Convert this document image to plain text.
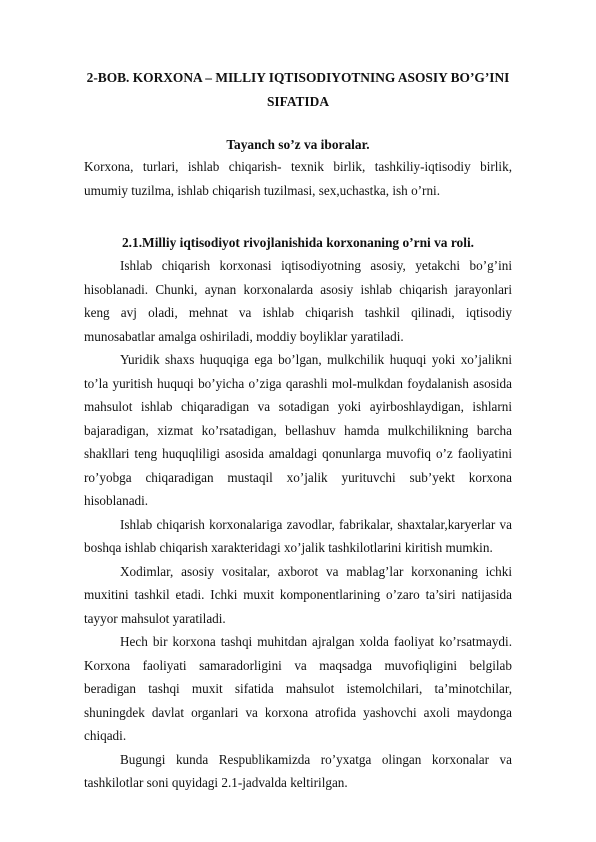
2-BOB. KORXONA – MILLIY IQTISODIYOTNING ASOSIY BO’G’INI SIFATIDA
Tayanch so’z va iboralar.
Korxona, turlari, ishlab chiqarish- texnik birlik, tashkiliy-iqtisodiy birlik, umumiy tuzilma, ishlab chiqarish tuzilmasi, sex,uchastka, ish o’rni.
2.1.Milliy iqtisodiyot rivojlanishida korxonaning o’rni va roli.

Ishlab chiqarish korxonasi iqtisodiyotning asosiy, yetakchi bo’g’ini hisoblanadi. Chunki, aynan korxonalarda asosiy ishlab chiqarish jarayonlari keng avj oladi, mehnat va ishlab chiqarish tashkil qilinadi, iqtisodiy munosabatlar amalga oshiriladi, moddiy boyliklar yaratiladi.

Yuridik shaxs huquqiga ega bo’lgan, mulkchilik huquqi yoki xo’jalikni to’la yuritish huquqi bo’yicha o’ziga qarashli mol-mulkdan foydalanish asosida mahsulot ishlab chiqaradigan va sotadigan yoki ayirboshlaydigan, ishlarni bajaradigan, xizmat ko’rsatadigan, bellashuv hamda mulkchilikning barcha shakllari teng huquqliligi asosida amaldagi qonunlarga muvofiq o’z faoliyatini ro’yobga chiqaradigan mustaqil xo’jalik yurituvchi sub’yekt korxona hisoblanadi.

Ishlab chiqarish korxonalariga zavodlar, fabrikalar, shaxtalar,karyerlar va boshqa ishlab chiqarish xarakteridagi xo’jalik tashkilotlarini kiritish mumkin.

Xodimlar, asosiy vositalar, axborot va mablag’lar korxonaning ichki muxitini tashkil etadi. Ichki muxit komponentlarining o’zaro ta’siri natijasida tayyor mahsulot yaratiladi.

Hech bir korxona tashqi muhitdan ajralgan xolda faoliyat ko’rsatmaydi. Korxona faoliyati samaradorligini va maqsadga muvofiqligini belgilab beradigan tashqi muxit sifatida mahsulot istemolchilari, ta’minotchilar, shuningdek davlat organlari va korxona atrofida yashovchi axoli maydonga chiqadi.

Bugungi kunda Respublikamizda ro’yxatga olingan korxonalar va tashkilotlar soni quyidagi 2.1-jadvalda keltirilgan.
